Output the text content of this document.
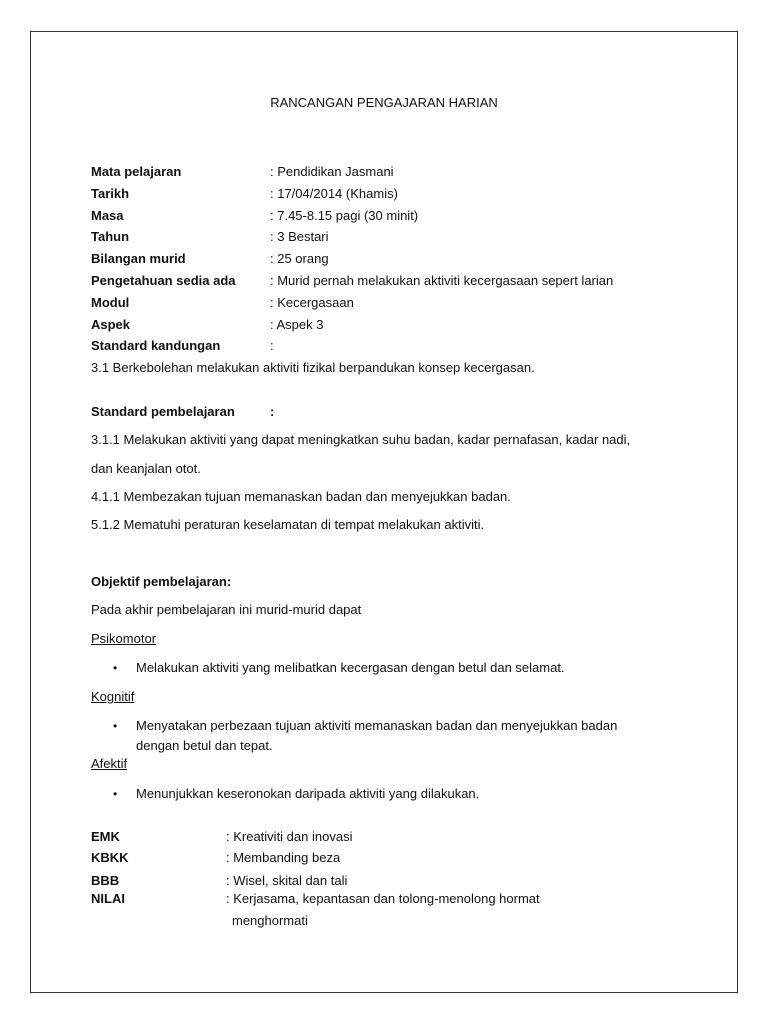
RANCANGAN PENGAJARAN HARIAN
Mata pelajaran	: Pendidikan Jasmani
Tarikh	: 17/04/2014 (Khamis)
Masa	: 7.45-8.15 pagi (30 minit)
Tahun	: 3 Bestari
Bilangan murid	: 25 orang
Pengetahuan sedia ada	: Murid pernah melakukan aktiviti kecergasaan sepert larian
Modul	: Kecergasaan
Aspek	: Aspek 3
Standard kandungan	:
3.1 Berkebolehan melakukan aktiviti fizikal berpandukan konsep kecergasan.
Standard pembelajaran	:
3.1.1 Melakukan aktiviti yang dapat meningkatkan suhu badan, kadar pernafasan, kadar nadi,
dan keanjalan otot.
4.1.1 Membezakan tujuan memanaskan badan dan menyejukkan badan.
5.1.2 Mematuhi peraturan keselamatan di tempat melakukan aktiviti.
Objektif pembelajaran:
Pada akhir pembelajaran ini murid-murid dapat
Psikomotor
• Melakukan aktiviti yang melibatkan kecergasan dengan betul dan selamat.
Kognitif
• Menyatakan perbezaan tujuan aktiviti memanaskan badan dan menyejukkan badan
dengan betul dan tepat.
Afektif
• Menunjukkan keseronokan daripada aktiviti yang dilakukan.
EMK	: Kreativiti dan inovasi
KBKK	: Membanding beza
BBB	: Wisel, skital dan tali
NILAI	: Kerjasama, kepantasan dan tolong-menolong hormat
menghormati
